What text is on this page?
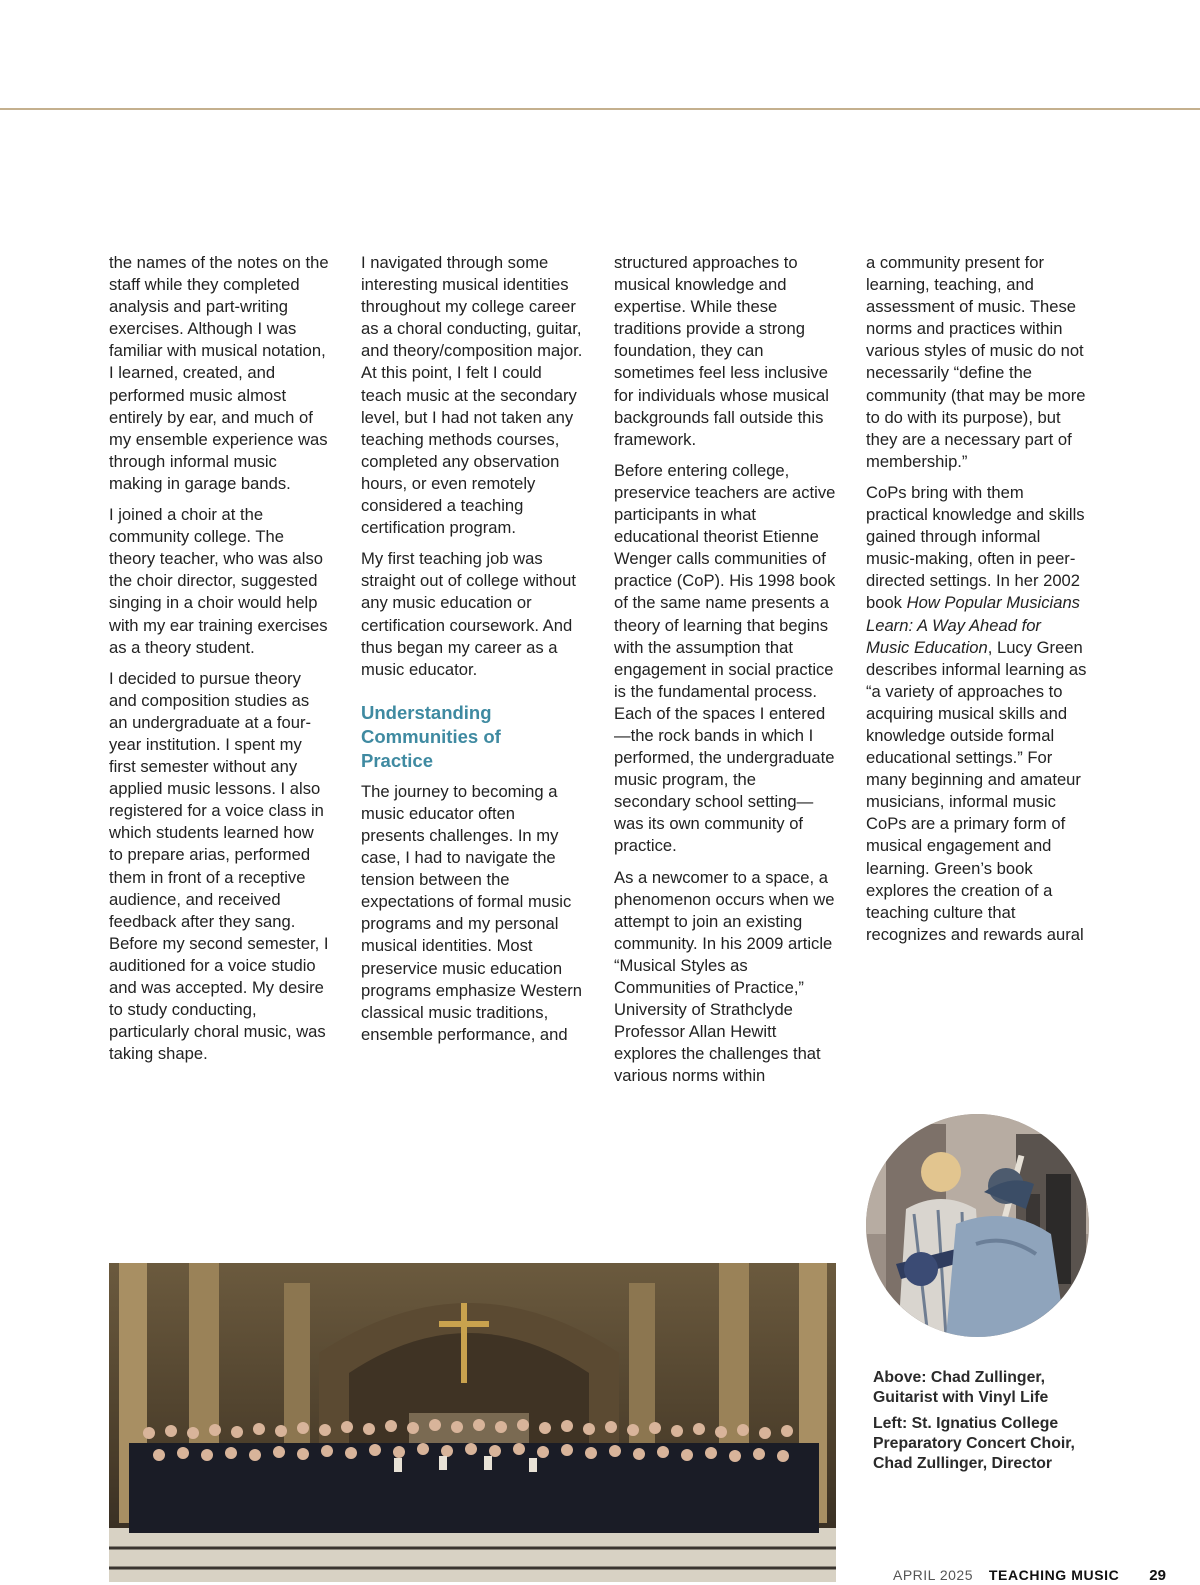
the names of the notes on the staff while they completed analysis and part-writing exercises. Although I was familiar with musical notation, I learned, created, and performed music almost entirely by ear, and much of my ensemble experience was through informal music making in garage bands.

I joined a choir at the community college. The theory teacher, who was also the choir director, suggested singing in a choir would help with my ear training exercises as a theory student.

I decided to pursue theory and composition studies as an undergraduate at a four-year institution. I spent my first semester without any applied music lessons. I also registered for a voice class in which students learned how to prepare arias, performed them in front of a receptive audience, and received feedback after they sang. Before my second semester, I auditioned for a voice studio and was accepted. My desire to study conducting, particularly choral music, was taking shape.

I navigated through some interesting musical identities throughout my college career as a choral conducting, guitar, and theory/composition major. At this point, I felt I could teach music at the secondary level, but I had not taken any teaching methods courses, completed any observation hours, or even remotely considered a teaching certification program.

My first teaching job was straight out of college without any music education or certification coursework. And thus began my career as a music educator.

Understanding
Communities of
Practice

The journey to becoming a music educator often presents challenges. In my case, I had to navigate the tension between the expectations of formal music programs and my personal musical identities. Most preservice music education programs emphasize Western classical music traditions, ensemble performance, and

structured approaches to musical knowledge and expertise. While these traditions provide a strong foundation, they can sometimes feel less inclusive for individuals whose musical backgrounds fall outside this framework.

Before entering college, preservice teachers are active participants in what educational theorist Etienne Wenger calls communities of practice (CoP). His 1998 book of the same name presents a theory of learning that begins with the assumption that engagement in social practice is the fundamental process. Each of the spaces I entered—the rock bands in which I performed, the undergraduate music program, the secondary school setting—was its own community of practice.

As a newcomer to a space, a phenomenon occurs when we attempt to join an existing community. In his 2009 article “Musical Styles as Communities of Practice,” University of Strathclyde Professor Allan Hewitt explores the challenges that various norms within

a community present for learning, teaching, and assessment of music. These norms and practices within various styles of music do not necessarily “define the community (that may be more to do with its purpose), but they are a necessary part of membership.”

CoPs bring with them practical knowledge and skills gained through informal music-making, often in peer-directed settings. In her 2002 book How Popular Musicians Learn: A Way Ahead for Music Education, Lucy Green describes informal learning as “a variety of approaches to acquiring musical skills and knowledge outside formal educational settings.” For many beginning and amateur musicians, informal music CoPs are a primary form of musical engagement and learning. Green’s book explores the creation of a teaching culture that recognizes and rewards aural

Above: Chad Zullinger,
Guitarist with Vinyl Life

Left: St. Ignatius College
Preparatory Concert Choir,
Chad Zullinger, Director

APRIL 2025 TEACHING MUSIC 29
